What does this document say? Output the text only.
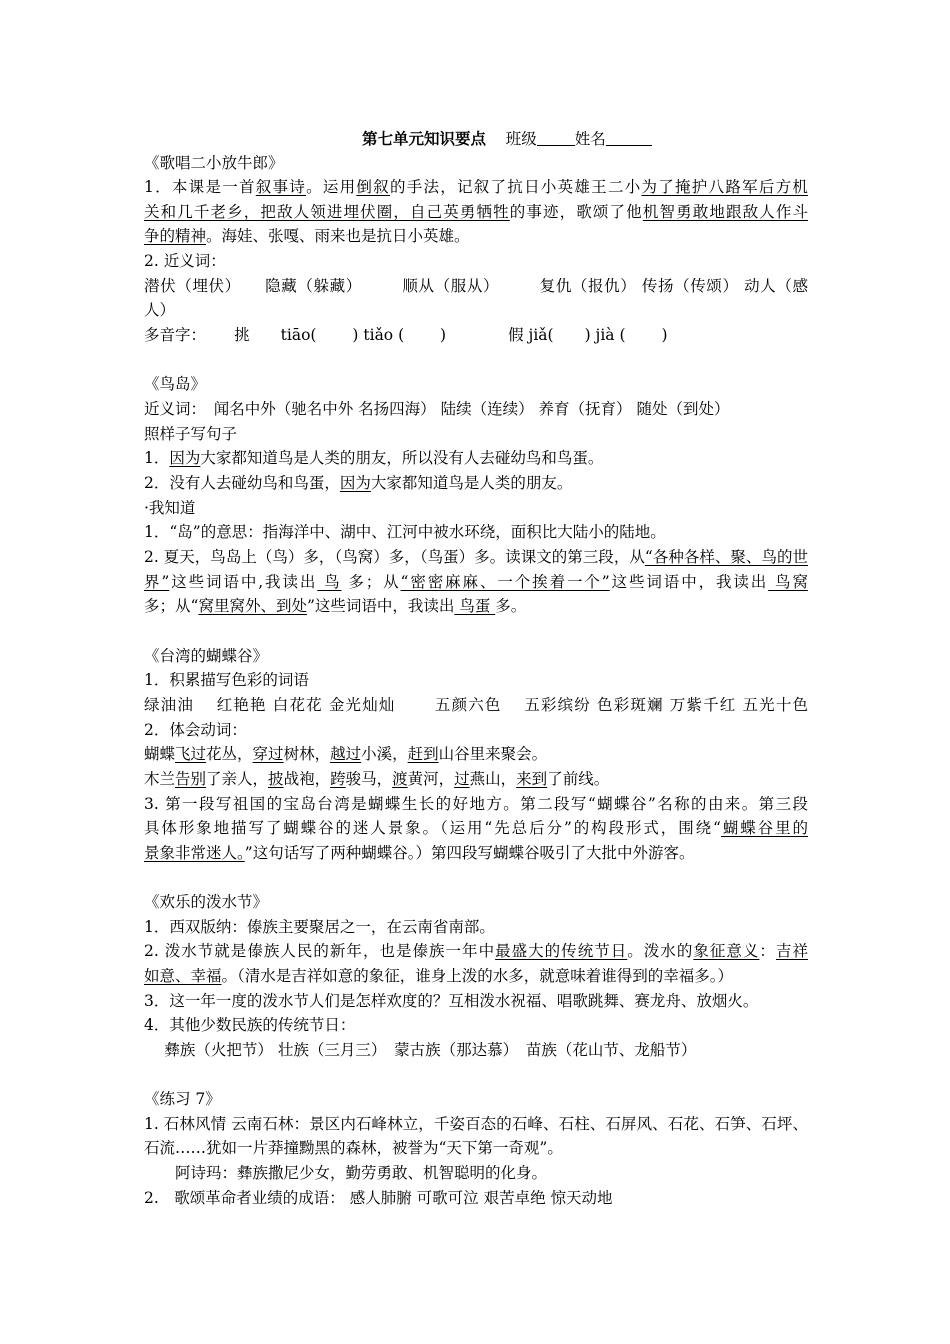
第七单元知识要点 班级 姓名
《歌唱二小放牛郎》
1．本课是一首叙事诗。运用倒叙的手法，记叙了抗日小英雄王二小为了掩护八路军后方机
关和几千老乡，把敌人领进埋伏圈，自己英勇牺牲的事迹，歌颂了他机智勇敢地跟敌人作斗
争的精神。海娃、张嘎、雨来也是抗日小英雄。
2. 近义词：
潜伏（埋伏）　　隐藏（躲藏）　　　顺从（服从）　　　复仇（报仇） 传扬（传颂） 动人（感
人）
多音字：　　 挑　　tiāo(　　 ) tiǎo (　　 )　　　　假 jiǎ(　　) jià (　　 )
《鸟岛》
近义词：　闻名中外（驰名中外 名扬四海） 陆续（连续） 养育（抚育） 随处（到处）
照样子写句子
1．因为大家都知道鸟是人类的朋友，所以没有人去碰幼鸟和鸟蛋。
2．没有人去碰幼鸟和鸟蛋，因为大家都知道鸟是人类的朋友。
·我知道
1．“岛”的意思：指海洋中、湖中、江河中被水环绕，面积比大陆小的陆地。
2. 夏天，鸟岛上（鸟）多，（鸟窝）多，（鸟蛋）多。读课文的第三段，从“各种各样、聚、鸟的世
界”这些词语中,我读出 鸟 多；从“密密麻麻、一个挨着一个”这些词语中，我读出 鸟窝
多；从“窝里窝外、到处”这些词语中，我读出 鸟蛋 多。
《台湾的蝴蝶谷》
1．积累描写色彩的词语
绿油油　 红艳艳 白花花 金光灿灿　　 五颜六色　 五彩缤纷 色彩斑斓 万紫千红 五光十色
2．体会动词：
蝴蝶飞过花丛，穿过树林，越过小溪，赶到山谷里来聚会。
木兰告别了亲人，披战袍，跨骏马，渡黄河，过燕山，来到了前线。
3. 第一段写祖国的宝岛台湾是蝴蝶生长的好地方。第二段写“蝴蝶谷”名称的由来。第三段
具体形象地描写了蝴蝶谷的迷人景象。（运用“先总后分”的构段形式，围绕“蝴蝶谷里的
景象非常迷人。”这句话写了两种蝴蝶谷。）第四段写蝴蝶谷吸引了大批中外游客。
《欢乐的泼水节》
1．西双版纳：傣族主要聚居之一，在云南省南部。
2. 泼水节就是傣族人民的新年，也是傣族一年中最盛大的传统节日。泼水的象征意义：吉祥
如意、幸福。（清水是吉祥如意的象征，谁身上泼的水多，就意味着谁得到的幸福多。）
3．这一年一度的泼水节人们是怎样欢度的？互相泼水祝福、唱歌跳舞、赛龙舟、放烟火。
4．其他少数民族的传统节日：
　 彝族（火把节） 壮族（三月三）　蒙古族（那达慕）　苗族（花山节、龙船节）
《练习 7》
1. 石林风情 云南石林：景区内石峰林立，千姿百态的石峰、石柱、石屏风、石花、石笋、石坪、
石流……犹如一片莽撞黝黑的森林，被誉为“天下第一奇观”。
　　阿诗玛：彝族撒尼少女，勤劳勇敢、机智聪明的化身。
2.　歌颂革命者业绩的成语： 感人肺腑 可歌可泣 艰苦卓绝 惊天动地
